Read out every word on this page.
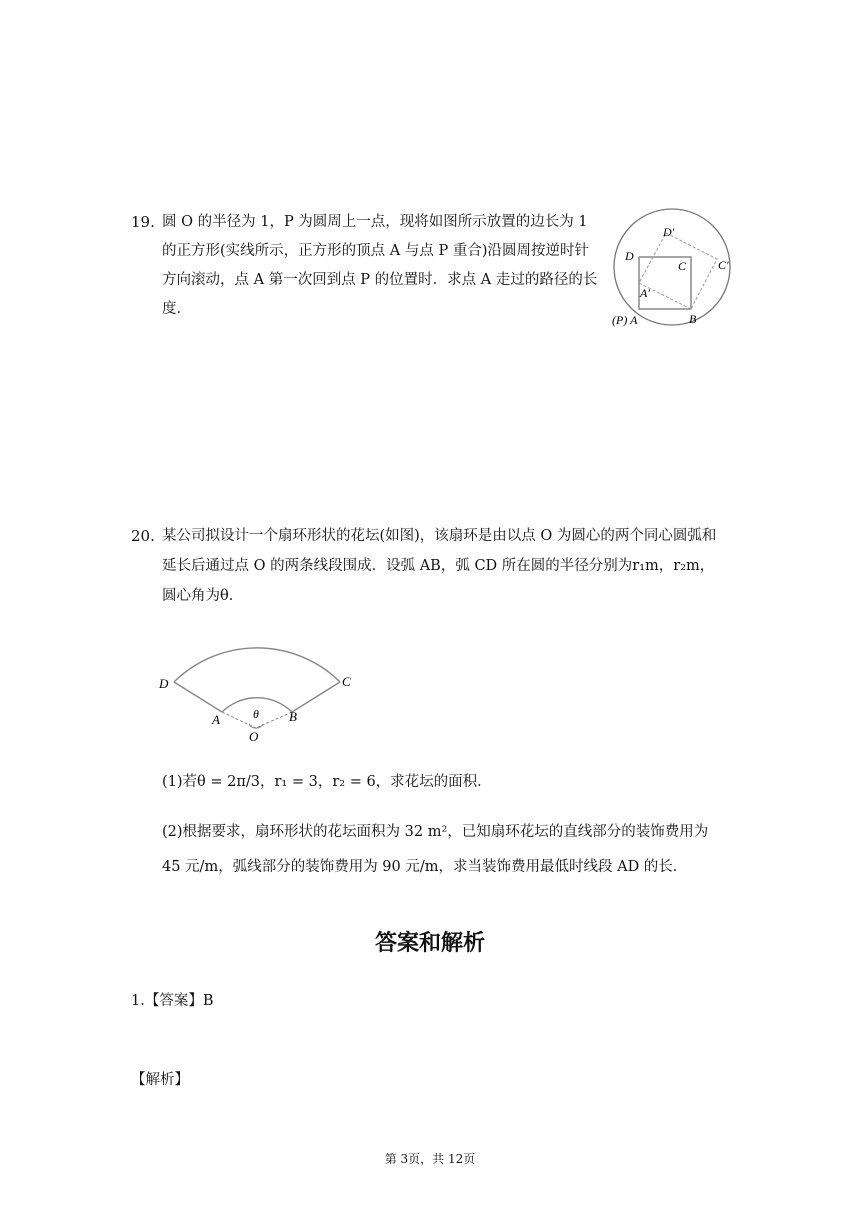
19. 圆 O 的半径为 1，P 为圆周上一点，现将如图所示放置的边长为 1
的正方形(实线所示，正方形的顶点 A 与点 P 重合)沿圆周按逆时针
方向滚动，点 A 第一次回到点 P 的位置时．求点 A 走过的路径的长
度．
D′
D
C	C′
A′
(P) A	B
20. 某公司拟设计一个扇环形状的花坛(如图)，该扇环是由以点 O 为圆心的两个同心圆弧和
延长后通过点 O 的两条线段围成．设弧 AB，弧 CD 所在圆的半径分别为r₁m，r₂m，
圆心角为θ．
D	C
A	B
θ
O
(1)若θ = 2π/3，r₁ = 3，r₂ = 6，求花坛的面积．
(2)根据要求，扇环形状的花坛面积为 32 m²，已知扇环花坛的直线部分的装饰费用为
45 元/m，弧线部分的装饰费用为 90 元/m，求当装饰费用最低时线段 AD 的长．
答案和解析
1.【答案】B
【解析】
第 3页，共 12页
